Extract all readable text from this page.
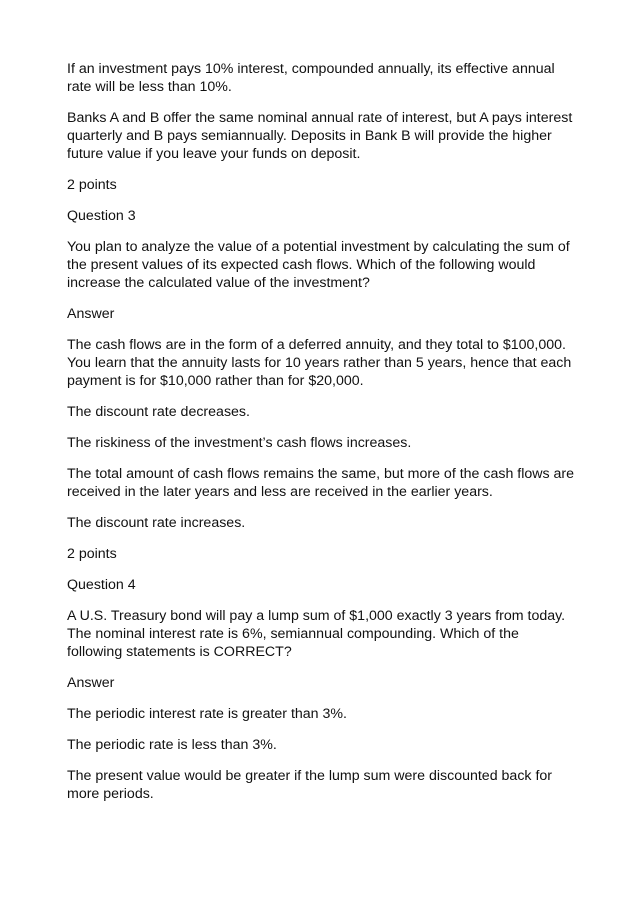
If an investment pays 10% interest, compounded annually, its effective annual
rate will be less than 10%.

Banks A and B offer the same nominal annual rate of interest, but A pays interest
quarterly and B pays semiannually. Deposits in Bank B will provide the higher
future value if you leave your funds on deposit.

2 points

Question 3

You plan to analyze the value of a potential investment by calculating the sum of
the present values of its expected cash flows. Which of the following would
increase the calculated value of the investment?

Answer

The cash flows are in the form of a deferred annuity, and they total to $100,000.
You learn that the annuity lasts for 10 years rather than 5 years, hence that each
payment is for $10,000 rather than for $20,000.

The discount rate decreases.

The riskiness of the investment’s cash flows increases.

The total amount of cash flows remains the same, but more of the cash flows are
received in the later years and less are received in the earlier years.

The discount rate increases.

2 points

Question 4

A U.S. Treasury bond will pay a lump sum of $1,000 exactly 3 years from today.
The nominal interest rate is 6%, semiannual compounding. Which of the
following statements is CORRECT?

Answer

The periodic interest rate is greater than 3%.

The periodic rate is less than 3%.

The present value would be greater if the lump sum were discounted back for
more periods.
